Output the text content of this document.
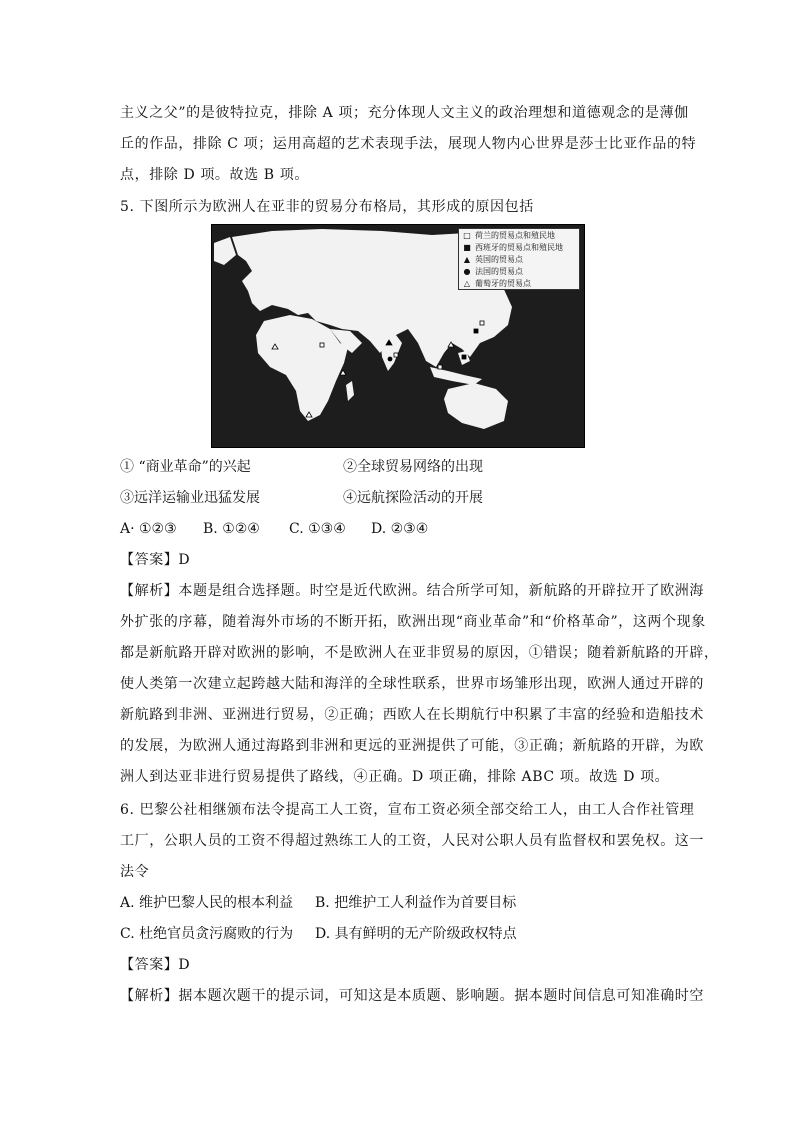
主义之父”的是彼特拉克，排除 A 项；充分体现人文主义的政治理想和道德观念的是薄伽
丘的作品，排除 C 项；运用高超的艺术表现手法，展现人物内心世界是莎士比亚作品的特
点，排除 D 项。故选 B 项。
5. 下图所示为欧洲人在亚非的贸易分布格局，其形成的原因包括
□ 荷兰的贸易点和殖民地
■ 西班牙的贸易点和殖民地
▲ 英国的贸易点
● 法国的贸易点
△ 葡萄牙的贸易点
① “商业革命”的兴起	②全球贸易网络的出现
③远洋运输业迅猛发展	④远航探险活动的开展
A· ①②③ B. ①②④ C. ①③④ D. ②③④
【答案】D
【解析】本题是组合选择题。时空是近代欧洲。结合所学可知，新航路的开辟拉开了欧洲海
外扩张的序幕，随着海外市场的不断开拓，欧洲出现“商业革命”和“价格革命”，这两个现象
都是新航路开辟对欧洲的影响，不是欧洲人在亚非贸易的原因，①错误；随着新航路的开辟，
使人类第一次建立起跨越大陆和海洋的全球性联系，世界市场雏形出现，欧洲人通过开辟的
新航路到非洲、亚洲进行贸易，②正确；西欧人在长期航行中积累了丰富的经验和造船技术
的发展，为欧洲人通过海路到非洲和更远的亚洲提供了可能，③正确；新航路的开辟，为欧
洲人到达亚非进行贸易提供了路线，④正确。D 项正确，排除 ABC 项。故选 D 项。
6. 巴黎公社相继颁布法令提高工人工资，宣布工资必须全部交给工人，由工人合作社管理
工厂，公职人员的工资不得超过熟练工人的工资，人民对公职人员有监督权和罢免权。这一
法令
A. 维护巴黎人民的根本利益 B. 把维护工人利益作为首要目标
C. 杜绝官员贪污腐败的行为 D. 具有鲜明的无产阶级政权特点
【答案】D
【解析】据本题次题干的提示词，可知这是本质题、影响题。据本题时间信息可知准确时空
